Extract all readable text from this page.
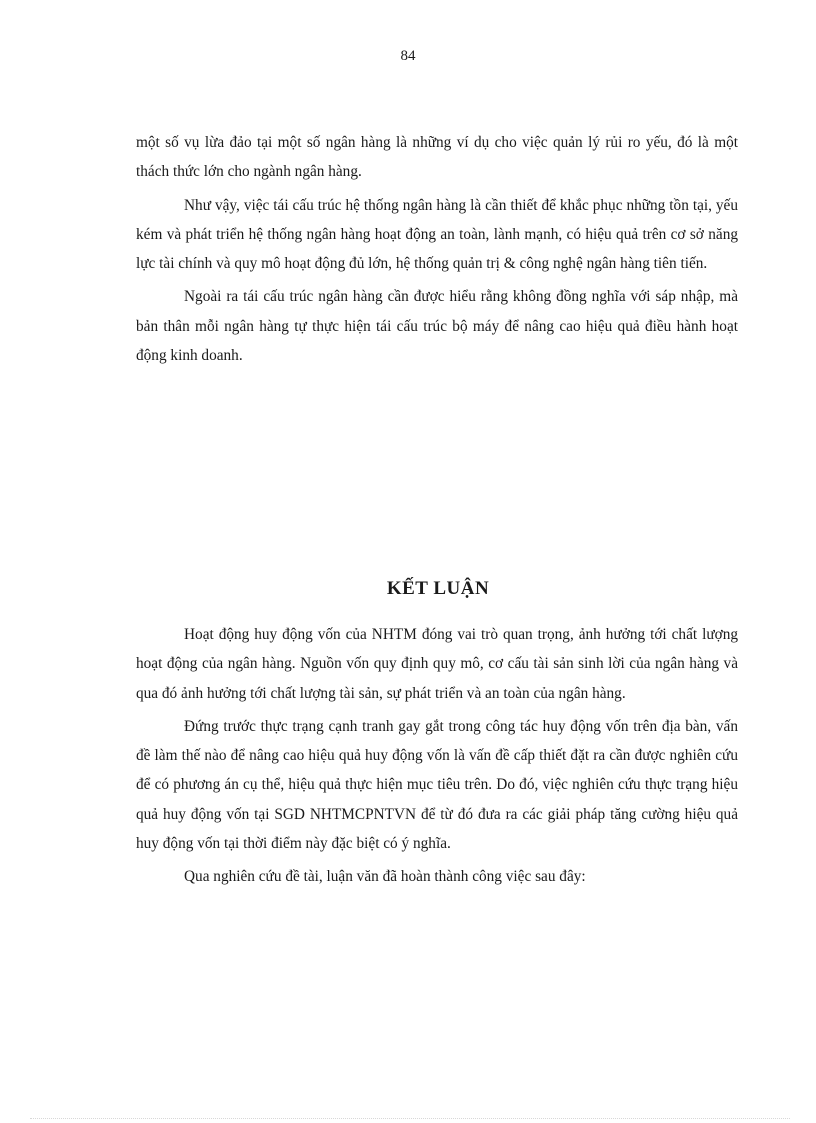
84

một số vụ lừa đảo tại một số ngân hàng là những ví dụ cho việc quản lý rủi ro yếu, đó là một thách thức lớn cho ngành ngân hàng.

Như vậy, việc tái cấu trúc hệ thống ngân hàng là cần thiết để khắc phục những tồn tại, yếu kém và phát triển hệ thống ngân hàng hoạt động an toàn, lành mạnh, có hiệu quả trên cơ sở năng lực tài chính và quy mô hoạt động đủ lớn, hệ thống quản trị & công nghệ ngân hàng tiên tiến.

Ngoài ra tái cấu trúc ngân hàng cần được hiểu rằng không đồng nghĩa với sáp nhập, mà bản thân mỗi ngân hàng tự thực hiện tái cấu trúc bộ máy để nâng cao hiệu quả điều hành hoạt động kinh doanh.

KẾT LUẬN

Hoạt động huy động vốn của NHTM đóng vai trò quan trọng, ảnh hưởng tới chất lượng hoạt động của ngân hàng. Nguồn vốn quy định quy mô, cơ cấu tài sản sinh lời của ngân hàng và qua đó ảnh hưởng tới chất lượng tài sản, sự phát triển và an toàn của ngân hàng.

Đứng trước thực trạng cạnh tranh gay gắt trong công tác huy động vốn trên địa bàn, vấn đề làm thế nào để nâng cao hiệu quả huy động vốn là vấn đề cấp thiết đặt ra cần được nghiên cứu để có phương án cụ thể, hiệu quả thực hiện mục tiêu trên. Do đó, việc nghiên cứu thực trạng hiệu quả huy động vốn tại SGD NHTMCPNTVN để từ đó đưa ra các giải pháp tăng cường hiệu quả huy động vốn tại thời điểm này đặc biệt có ý nghĩa.

Qua nghiên cứu đề tài, luận văn đã hoàn thành công việc sau đây:
